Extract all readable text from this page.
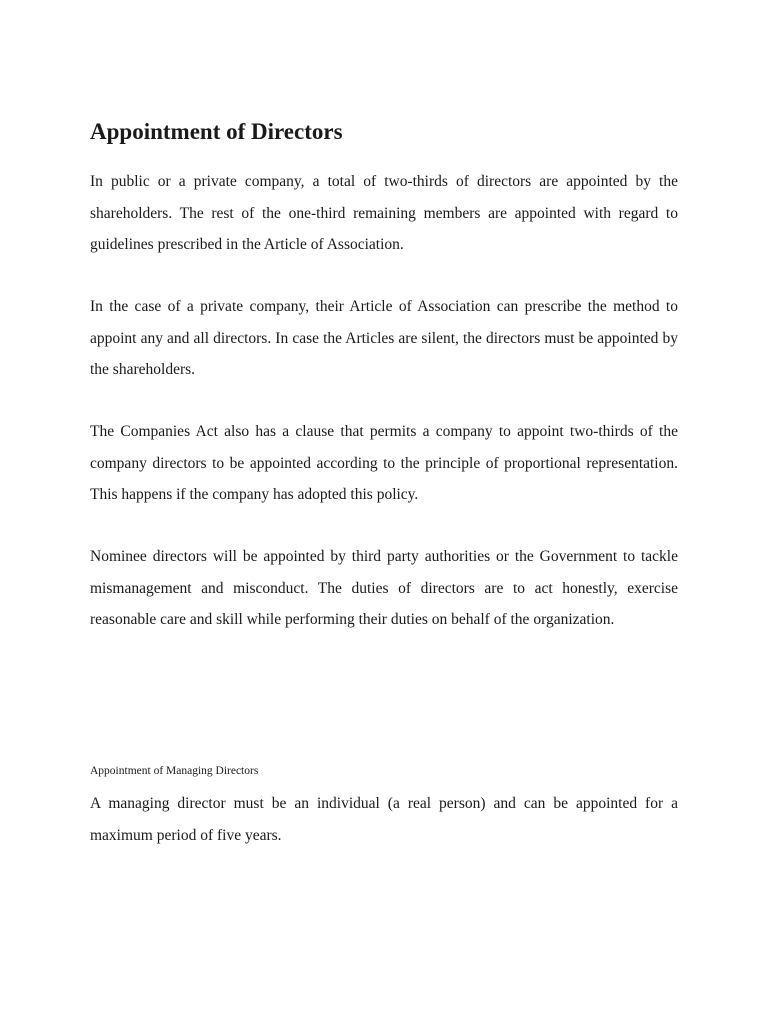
Appointment of Directors

In public or a private company, a total of two-thirds of directors are appointed by the shareholders. The rest of the one-third remaining members are appointed with regard to guidelines prescribed in the Article of Association.

In the case of a private company, their Article of Association can prescribe the method to appoint any and all directors. In case the Articles are silent, the directors must be appointed by the shareholders.

The Companies Act also has a clause that permits a company to appoint two-thirds of the company directors to be appointed according to the principle of proportional representation. This happens if the company has adopted this policy.

Nominee directors will be appointed by third party authorities or the Government to tackle mismanagement and misconduct. The duties of directors are to act honestly, exercise reasonable care and skill while performing their duties on behalf of the organization.

Appointment of Managing Directors

A managing director must be an individual (a real person) and can be appointed for a maximum period of five years.
